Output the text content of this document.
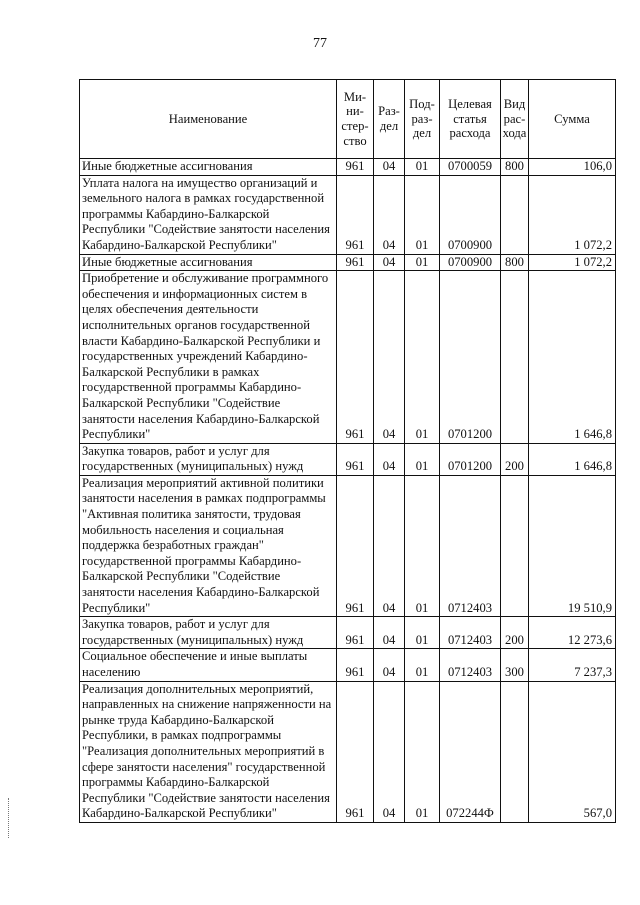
77
Наименование	Ми-
ни-
стер-
ство	Раз-
дел	Под-
раз-
дел	Целевая
статья
расхода	Вид
рас-
хода	Сумма
Иные бюджетные ассигнования	961	04	01	0700059	800	106,0
Уплата налога на имущество организаций и земельного налога в рамках государственной программы Кабардино-Балкарской Республики "Содействие занятости населения Кабардино-Балкарской Республики"	961	04	01	0700900		1 072,2
Иные бюджетные ассигнования	961	04	01	0700900	800	1 072,2
Приобретение и обслуживание программного обеспечения и информационных систем в целях обеспечения деятельности исполнительных органов государственной власти Кабардино-Балкарской Республики и государственных учреждений Кабардино-Балкарской Республики в рамках государственной программы Кабардино-Балкарской Республики "Содействие занятости населения Кабардино-Балкарской Республики"	961	04	01	0701200		1 646,8
Закупка товаров, работ и услуг для государственных (муниципальных) нужд	961	04	01	0701200	200	1 646,8
Реализация мероприятий активной политики занятости населения в рамках подпрограммы "Активная политика занятости, трудовая мобильность населения и социальная поддержка безработных граждан" государственной программы Кабардино-Балкарской Республики "Содействие занятости населения Кабардино-Балкарской Республики"	961	04	01	0712403		19 510,9
Закупка товаров, работ и услуг для государственных (муниципальных) нужд	961	04	01	0712403	200	12 273,6
Социальное обеспечение и иные выплаты населению	961	04	01	0712403	300	7 237,3
Реализация дополнительных мероприятий, направленных на снижение напряженности на рынке труда Кабардино-Балкарской Республики, в рамках подпрограммы "Реализация дополнительных мероприятий в сфере занятости населения" государственной программы Кабардино-Балкарской Республики "Содействие занятости населения Кабардино-Балкарской Республики"	961	04	01	072244Ф		567,0
